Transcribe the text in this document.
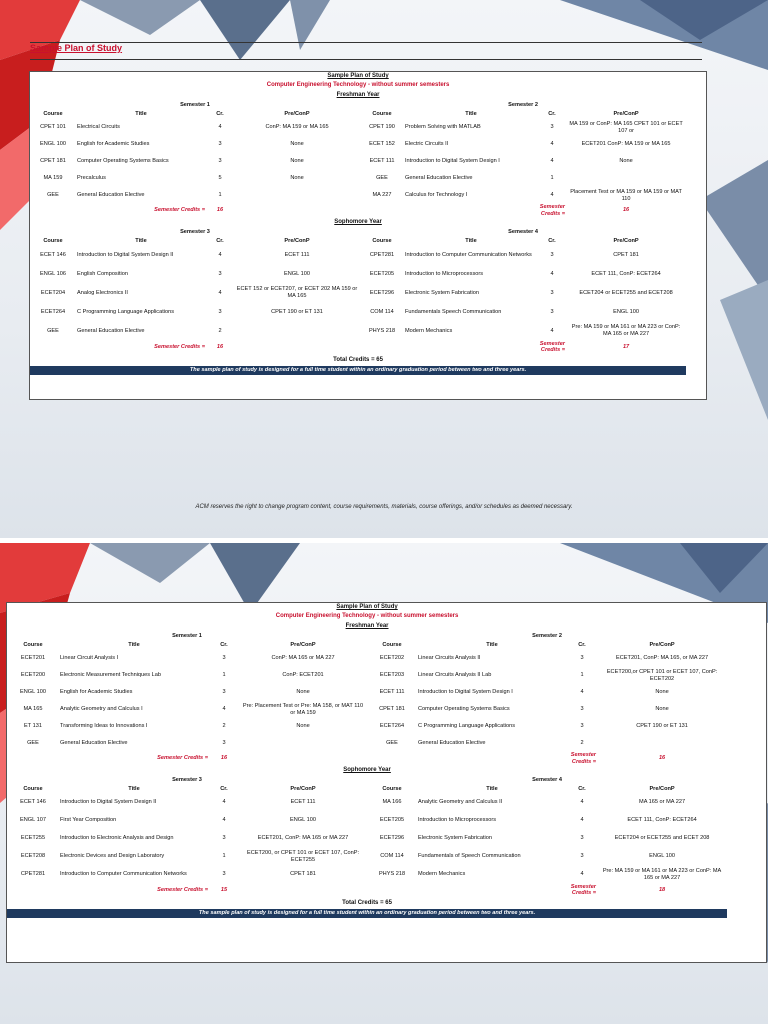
Sample Plan of Study
Sample Plan of Study								
Computer Engineering Technology - without summer semesters								
Freshman Year								
Semester 1				Semester 2				
Course	Title	Cr.	Pre/ConP	Course	Title	Cr.	Pre/ConP	
CPET 101	Electrical Circuits	4	ConP: MA 159 or MA 165	CPET 190	Problem Solving with MATLAB	3	MA 159 or ConP: MA 165 CPET 101 or ECET 107 or	
ENGL 100	English for Academic Studies	3	None	ECET 152	Electric Circuits II	4	ECET201 ConP: MA 159 or MA 165	
CPET 181	Computer Operating Systems Basics	3	None	ECET 111	Introduction to Digital System Design I	4	None	
MA 159	Precalculus	5	None	GEE	General Education Elective	1		
GEE	General Education Elective	1		MA 227	Calculus for Technology I	4	Placement Test or MA 159 or MA 159 or MAT 110	
Semester Credits =		16				Semester Credits =	16	
Sophomore Year								
Semester 3				Semester 4				
Course	Title	Cr.	Pre/ConP	Course	Title	Cr.	Pre/ConP	
ECET 146	Introduction to Digital System Design II	4	ECET 111	CPET281	Introduction to Computer Communication Networks	3	CPET 181	
ENGL 106	English Composition	3	ENGL 100	ECET205	Introduction to Microprocessors	4	ECET 111, ConP: ECET264	
ECET204	Analog Electronics II	4	ECET 152 or ECET207, or ECET 202 MA 159 or MA 165	ECET296	Electronic System Fabrication	3	ECET204 or ECET255 and ECET208	
ECET264	C Programming Language Applications	3	CPET 190 or ET 131	COM 114	Fundamentals Speech Communication	3	ENGL 100	
GEE	General Education Elective	2		PHYS 218	Modern Mechanics	4	Pre: MA 159 or MA 161 or MA 223 or ConP: MA 165 or MA 227	
Semester Credits =		16				Semester Credits =	17	
Total Credits = 65								
The sample plan of study is designed for a full time student within an ordinary graduation period between two and three years.								
ACM reserves the right to change program content, course requirements, materials, course offerings, and/or schedules as deemed necessary.
Sample Plan of Study								
Computer Engineering Technology - without summer semesters								
Freshman Year								
Semester 1				Semester 2				
Course	Title	Cr.	Pre/ConP	Course	Title	Cr.	Pre/ConP	
ECET201	Linear Circuit Analysis I	3	ConP: MA 165 or MA 227	ECET202	Linear Circuits Analysis II	3	ECET201, ConP: MA 165, or MA 227	
ECET200	Electronic Measurement Techniques Lab	1	ConP: ECET201	ECET203	Linear Circuits Analysis II Lab	1	ECET200,or CPET 101 or ECET 107, ConP: ECET202	
ENGL 100	English for Academic Studies	3	None	ECET 111	Introduction to Digital System Design I	4	None	
MA 165	Analytic Geometry and Calculus I	4	Pre: Placement Test or Pre: MA 158, or MAT 110 or MA 159	CPET 181	Computer Operating Systems Basics	3	None	
ET 131	Transforming Ideas to Innovations I	2	None	ECET264	C Programming Language Applications	3	CPET 190 or ET 131	
GEE	General Education Elective	3		GEE	General Education Elective	2		
Semester Credits =		16				Semester Credits =	16	
Sophomore Year								
Semester 3				Semester 4				
Course	Title	Cr.	Pre/ConP	Course	Title	Cr.	Pre/ConP	
ECET 146	Introduction to Digital System Design II	4	ECET 111	MA 166	Analytic Geometry and Calculus II	4	MA 165 or MA 227	
ENGL 107	First Year Composition	4	ENGL 100	ECET205	Introduction to Microprocessors	4	ECET 111, ConP: ECET264	
ECET255	Introduction to Electronic Analysis and Design	3	ECET201, ConP: MA 165 or MA 227	ECET296	Electronic System Fabrication	3	ECET204 or ECET255 and ECET 208	
ECET208	Electronic Devices and Design Laboratory	1	ECET200, or CPET 101 or ECET 107, ConP: ECET255	COM 114	Fundamentals of Speech Communication	3	ENGL 100	
CPET281	Introduction to Computer Communication Networks	3	CPET 181	PHYS 218	Modern Mechanics	4	Pre: MA 159 or MA 161 or MA 223 or ConP: MA 165 or MA 227	
Semester Credits =		15				Semester Credits =	18	
Total Credits = 65								
The sample plan of study is designed for a full time student within an ordinary graduation period between two and three years.								
